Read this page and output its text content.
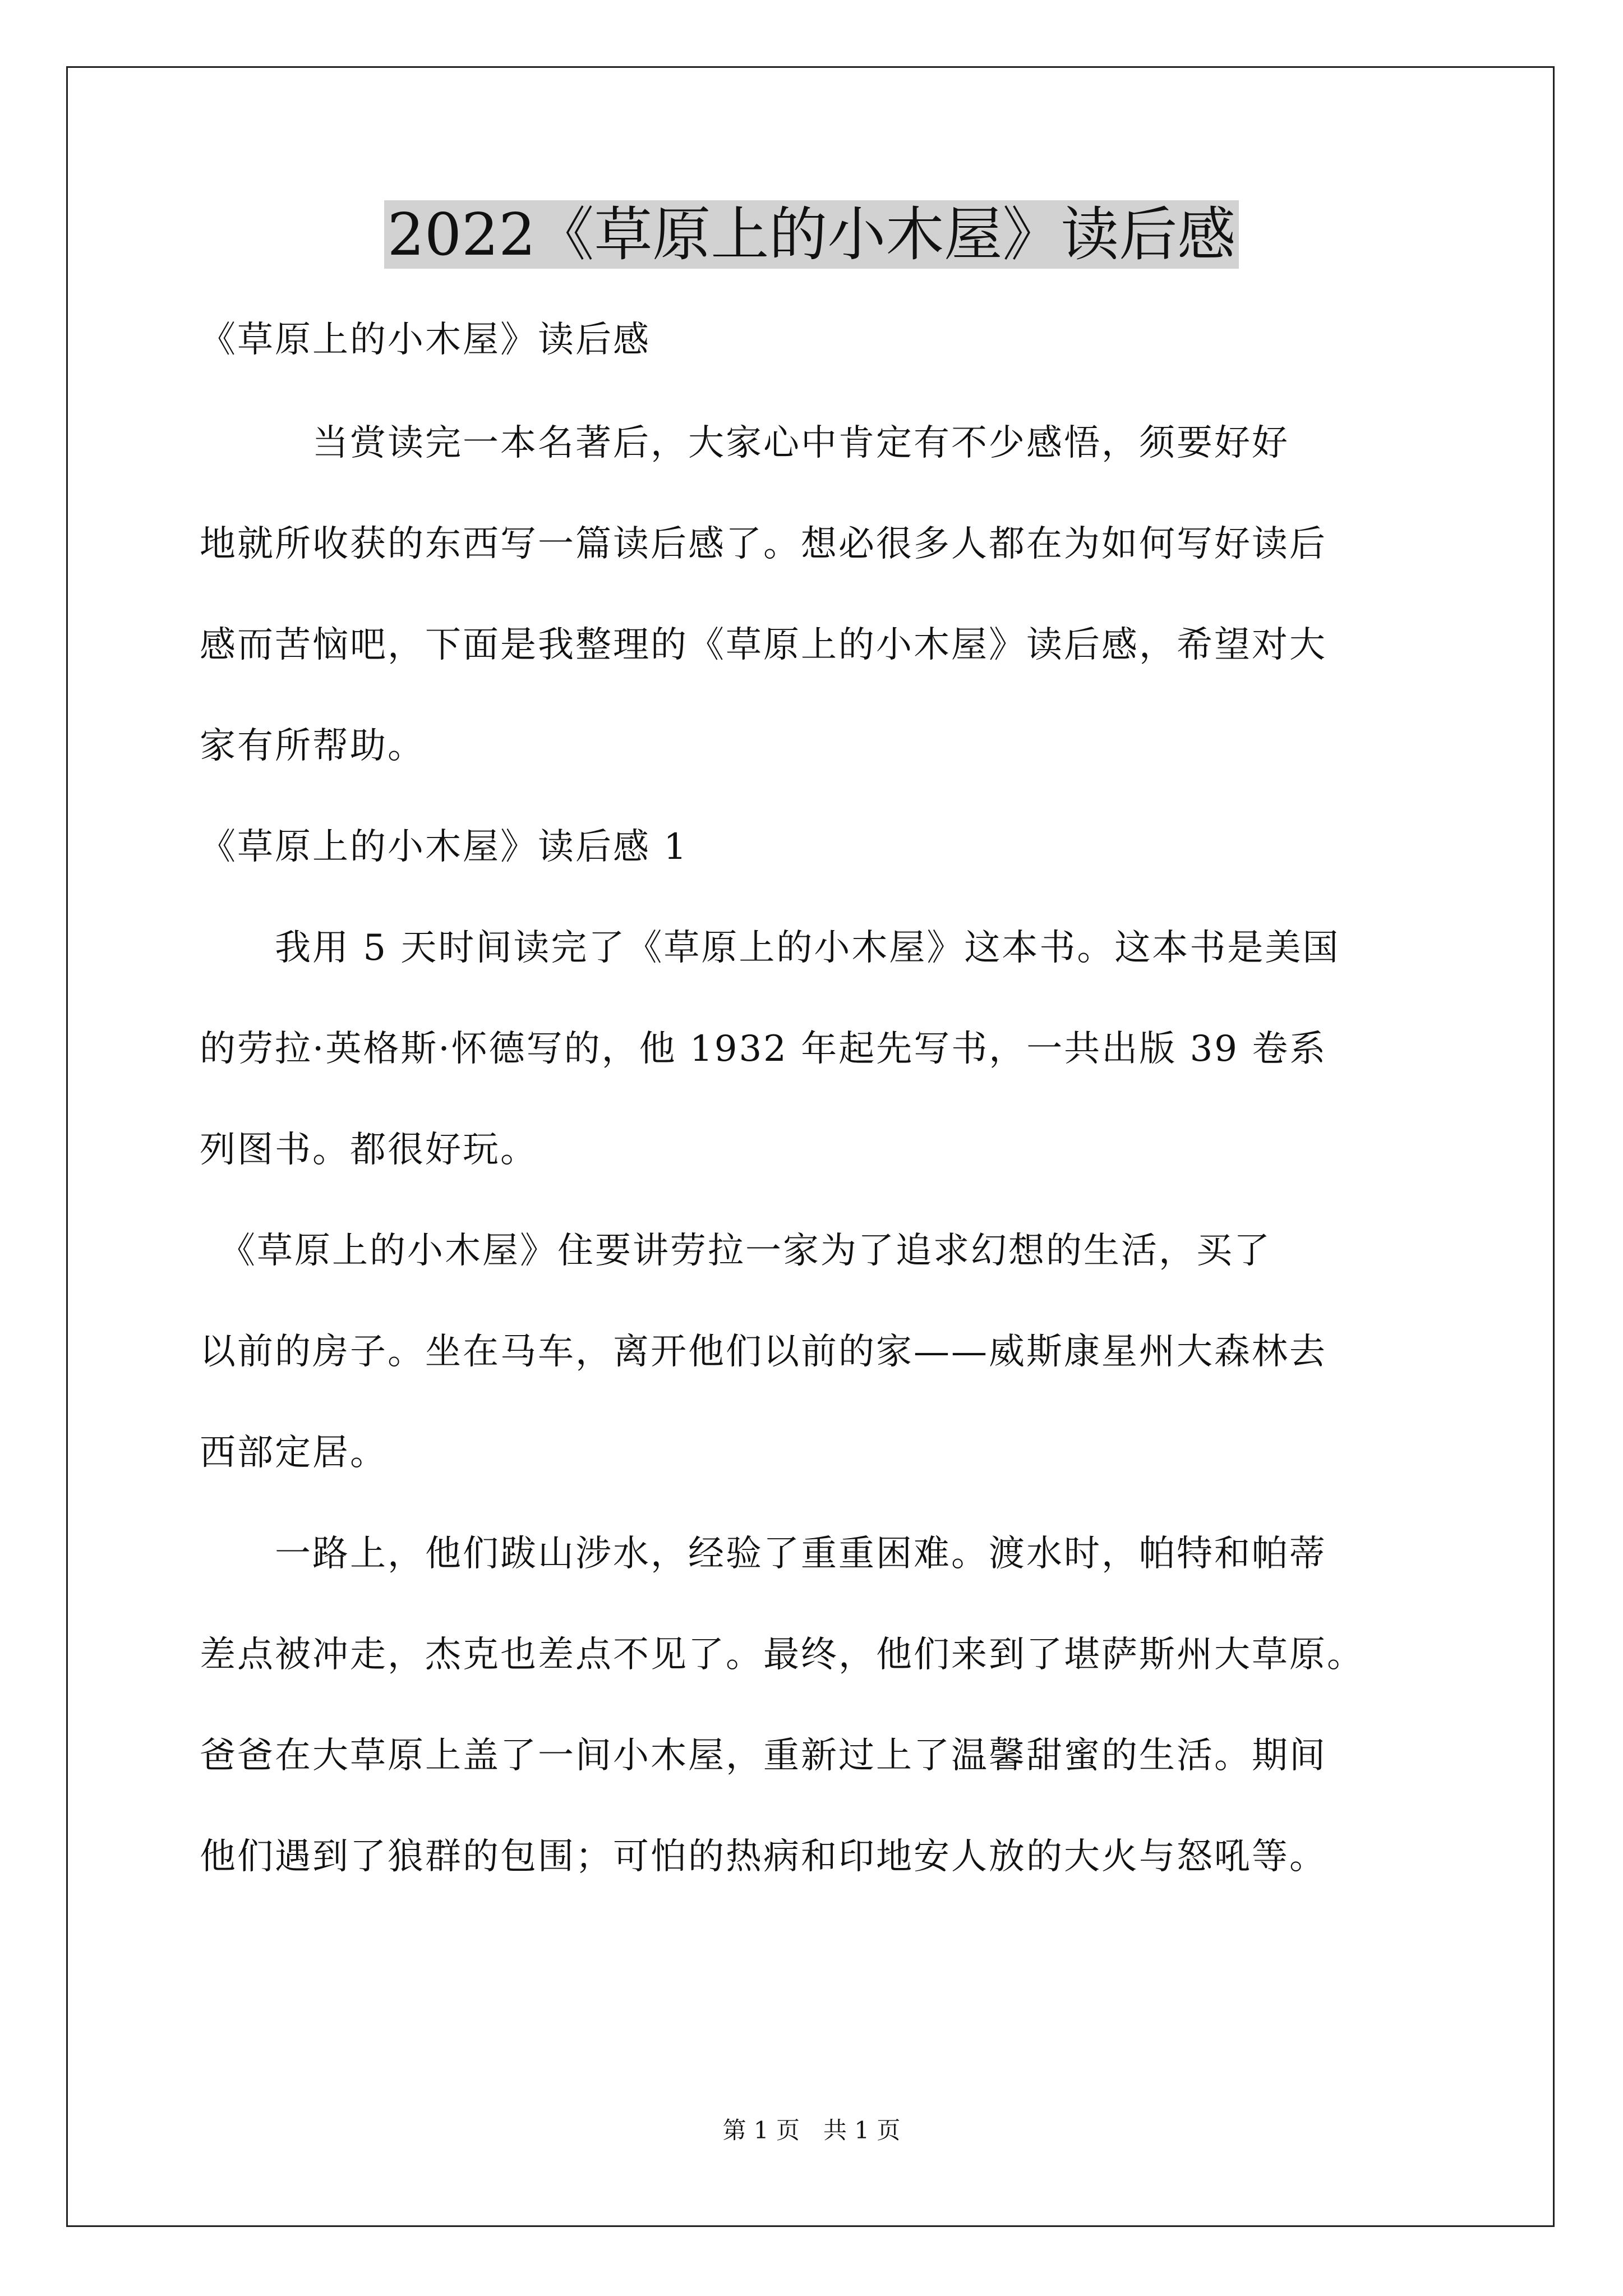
2022《草原上的小木屋》读后感
《草原上的小木屋》读后感
　　　当赏读完一本名著后，大家心中肯定有不少感悟，须要好好
地就所收获的东西写一篇读后感了。想必很多人都在为如何写好读后
感而苦恼吧，下面是我整理的《草原上的小木屋》读后感，希望对大
家有所帮助。
《草原上的小木屋》读后感 1
　　我用 5 天时间读完了《草原上的小木屋》这本书。这本书是美国
的劳拉·英格斯·怀德写的，他 1932 年起先写书，一共出版 39 卷系
列图书。都很好玩。
　《草原上的小木屋》住要讲劳拉一家为了追求幻想的生活，买了
以前的房子。坐在马车，离开他们以前的家——威斯康星州大森林去
西部定居。
　　一路上，他们跋山涉水，经验了重重困难。渡水时，帕特和帕蒂
差点被冲走，杰克也差点不见了。最终，他们来到了堪萨斯州大草原。
爸爸在大草原上盖了一间小木屋，重新过上了温馨甜蜜的生活。期间
他们遇到了狼群的包围；可怕的热病和印地安人放的大火与怒吼等。
第 1 页　共 1 页
